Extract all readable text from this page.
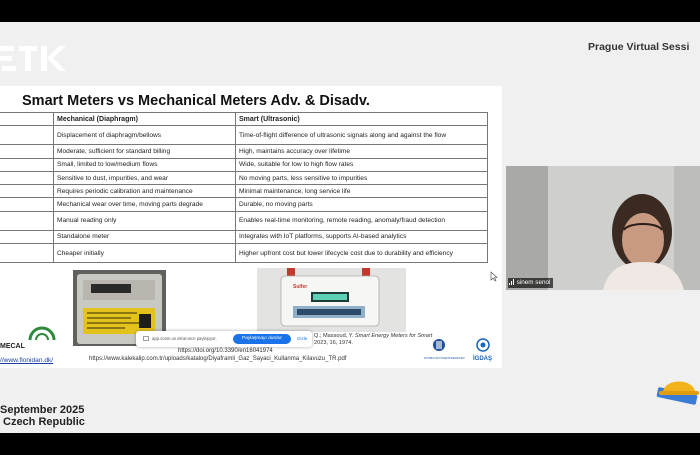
Prague Virtual Sessi
Smart Meters vs Mechanical Meters Adv. & Disadv.
	Mechanical (Diaphragm)	Smart (Ultrasonic)
	Displacement of diaphragm/bellows	Time-of-flight difference of ultrasonic signals along and against the flow
	Moderate, sufficient for standard billing	High, maintains accuracy over lifetime
	Small, limited to low/medium flows	Wide, suitable for low to high flow rates
	Sensitive to dust, impurities, and wear	No moving parts, less sensitive to impurities
	Requires periodic calibration and maintenance	Minimal maintenance, long service life
	Mechanical wear over time, moving parts degrade	Durable, no moving parts
	Manual reading only	Enables real-time monitoring, remote reading, anomaly/fraud detection
	Standalone meter	Integrates with IoT platforms, supports AI-based analytics
	Cheaper initially	Higher upfront cost but lower lifecycle cost due to durability and efficiency
Sulfer
app.zoom.us ekranınızı paylaşıyor.	Paylaşmayı durdur	Gizle Q.; Massoud, Y. Smart Energy Meters for Smart
2023, 16, 1974.
https://doi.org/10.3390/en16041974
https://www.kalekalip.com.tr/uploads/katalog/Diyaframli_Gaz_Sayaci_Kullanma_Kilavuzu_TR.pdf
//www.flonidan.dk/
MECAL
İSTANBUL BÜYÜKŞEHİR BELEDİYESİ İGDAŞ
September 2025
Czech Republic
sinem senol
